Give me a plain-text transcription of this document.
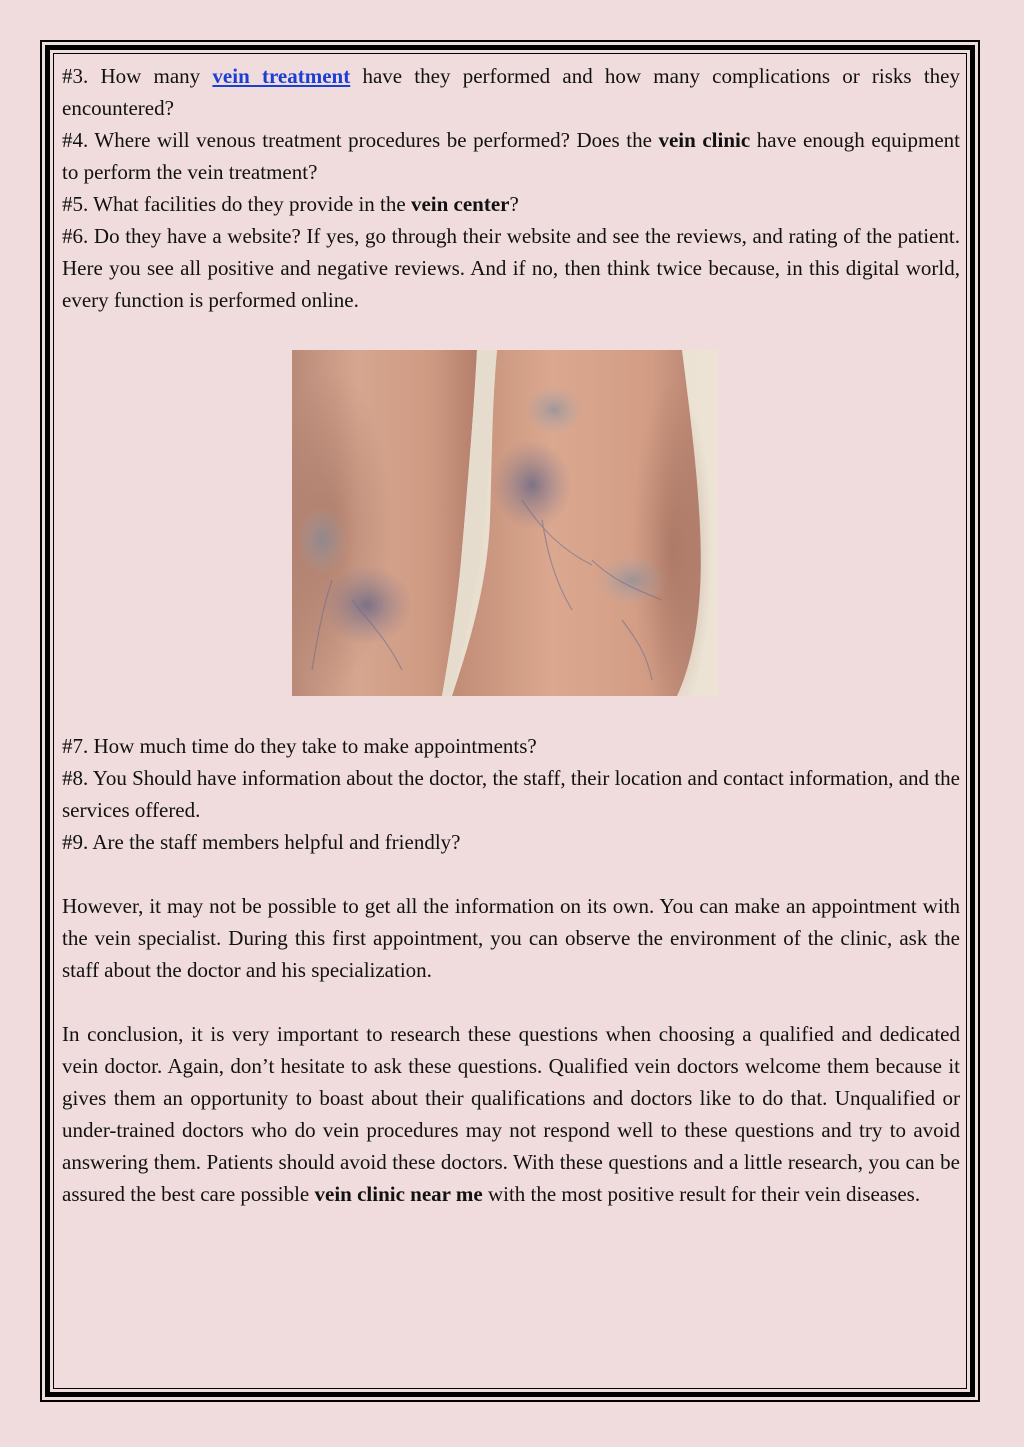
#3. How many vein treatment have they performed and how many complications or risks they encountered?

#4. Where will venous treatment procedures be performed? Does the vein clinic have enough equipment to perform the vein treatment?

#5. What facilities do they provide in the vein center?

#6. Do they have a website? If yes, go through their website and see the reviews, and rating of the patient. Here you see all positive and negative reviews. And if no, then think twice because, in this digital world, every function is performed online.

#7. How much time do they take to make appointments?

#8. You Should have information about the doctor, the staff, their location and contact information, and the services offered.

#9. Are the staff members helpful and friendly?

However, it may not be possible to get all the information on its own. You can make an appointment with the vein specialist. During this first appointment, you can observe the environment of the clinic, ask the staff about the doctor and his specialization.

In conclusion, it is very important to research these questions when choosing a qualified and dedicated vein doctor. Again, don’t hesitate to ask these questions. Qualified vein doctors welcome them because it gives them an opportunity to boast about their qualifications and doctors like to do that. Unqualified or under-trained doctors who do vein procedures may not respond well to these questions and try to avoid answering them. Patients should avoid these doctors. With these questions and a little research, you can be assured the best care possible vein clinic near me with the most positive result for their vein diseases.
